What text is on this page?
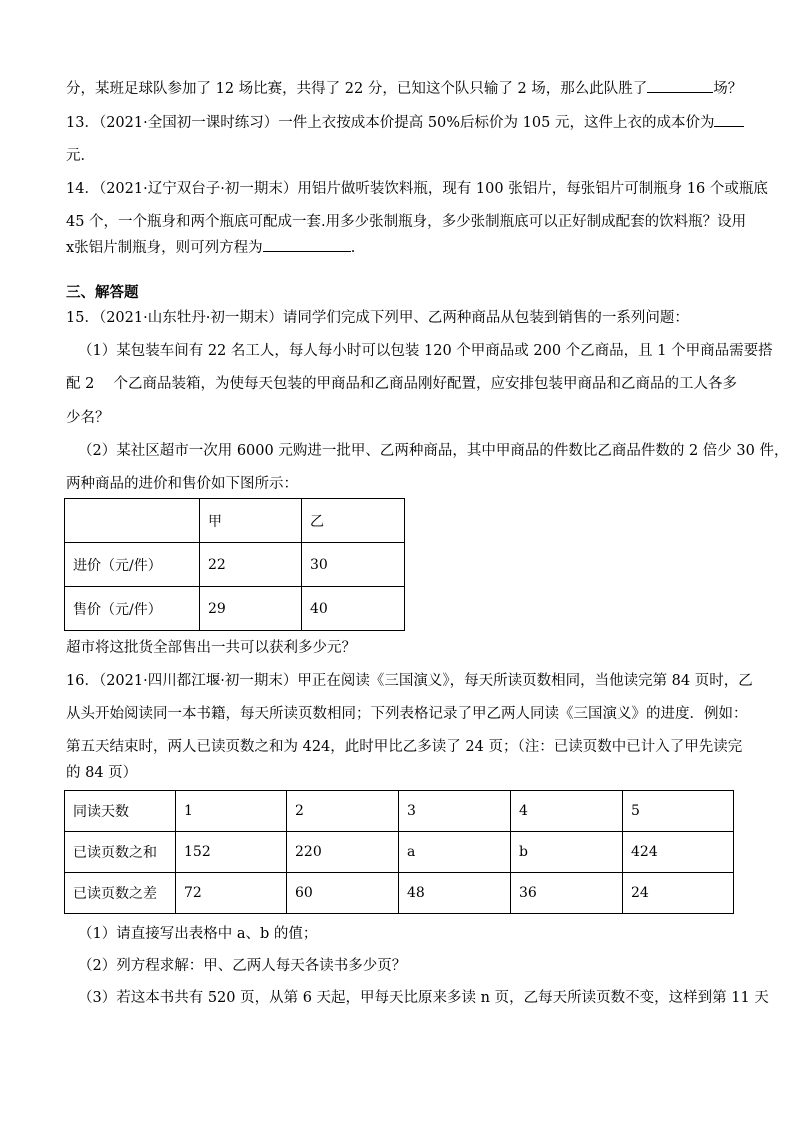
分，某班足球队参加了 12 场比赛，共得了 22 分，已知这个队只输了 2 场，那么此队胜了	场？
13．（2021·全国初一课时练习）一件上衣按成本价提高 50%后标价为 105 元，这件上衣的成本价为
元．
14．（2021·辽宁双台子·初一期末）用铝片做听装饮料瓶，现有 100 张铝片，每张铝片可制瓶身 16 个或瓶底
45 个，一个瓶身和两个瓶底可配成一套.用多少张制瓶身，多少张制瓶底可以正好制成配套的饮料瓶？设用
x张铝片制瓶身，则可列方程为	.
三、解答题
15．（2021·山东牡丹·初一期末）请同学们完成下列甲、乙两种商品从包装到销售的一系列问题：
（1）某包装车间有 22 名工人，每人每小时可以包装 120 个甲商品或 200 个乙商品，且 1 个甲商品需要搭
配 2　 个乙商品装箱，为使每天包装的甲商品和乙商品刚好配置，应安排包装甲商品和乙商品的工人各多
少名？
（2）某社区超市一次用 6000 元购进一批甲、乙两种商品，其中甲商品的件数比乙商品件数的 2 倍少 30 件，
两种商品的进价和售价如下图所示：
	甲	乙
进价（元/件）	22	30
售价（元/件）	29	40
超市将这批货全部售出一共可以获利多少元？
16．（2021·四川都江堰·初一期末）甲正在阅读《三国演义》，每天所读页数相同，当他读完第 84 页时，乙
从头开始阅读同一本书籍，每天所读页数相同；下列表格记录了甲乙两人同读《三国演义》的进度．例如：
第五天结束时，两人已读页数之和为 424，此时甲比乙多读了 24 页；（注：已读页数中已计入了甲先读完
的 84 页）
同读天数	1	2	3	4	5
已读页数之和	152	220	a	b	424
已读页数之差	72	60	48	36	24
（1）请直接写出表格中 a、b 的值；
（2）列方程求解：甲、乙两人每天各读书多少页？
（3）若这本书共有 520 页，从第 6 天起，甲每天比原来多读 n 页，乙每天所读页数不变，这样到第 11 天
